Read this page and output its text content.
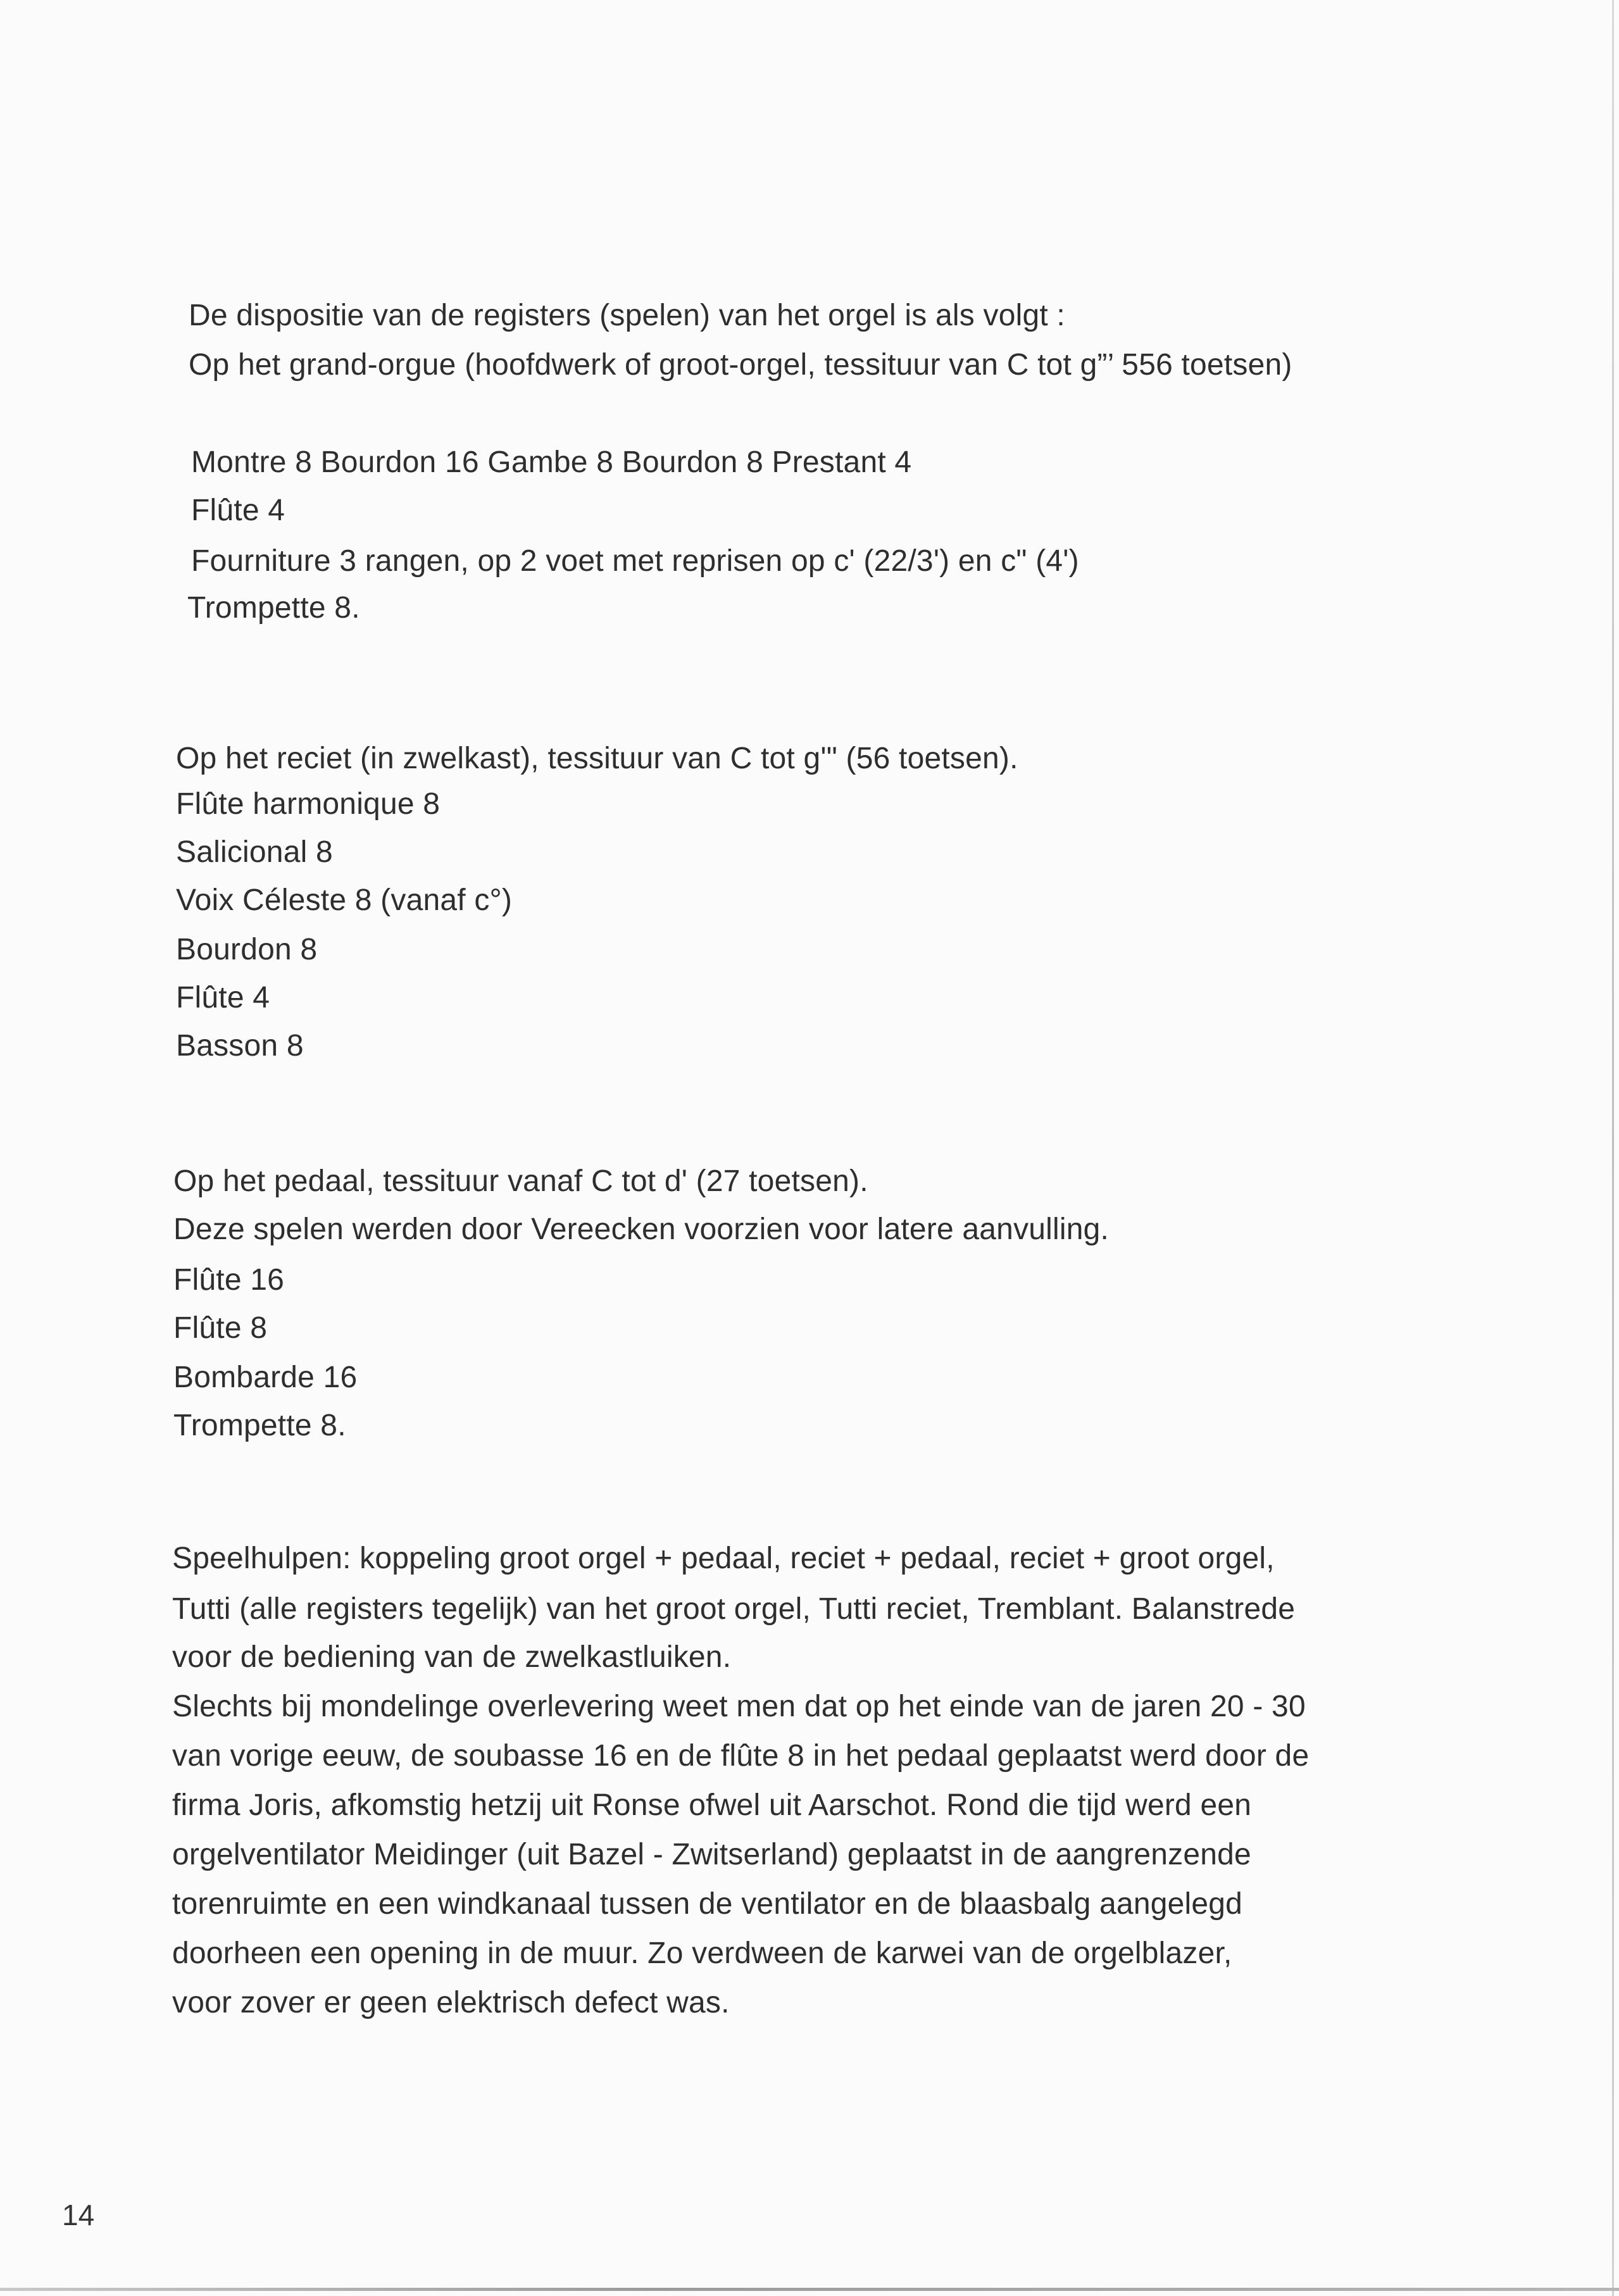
De dispositie van de registers (spelen) van het orgel is als volgt :
Op het grand-orgue (hoofdwerk of groot-orgel, tessituur van C tot g”’ 556 toetsen)
Montre 8 Bourdon 16 Gambe 8 Bourdon 8 Prestant 4
Flûte 4
Fourniture 3 rangen, op 2 voet met reprisen op c' (22/3') en c" (4')
Trompette 8.
Op het reciet (in zwelkast), tessituur van C tot g'" (56 toetsen).
Flûte harmonique 8
Salicional 8
Voix Céleste 8 (vanaf c°)
Bourdon 8
Flûte 4
Basson 8
Op het pedaal, tessituur vanaf C tot d' (27 toetsen).
Deze spelen werden door Vereecken voorzien voor latere aanvulling.
Flûte 16
Flûte 8
Bombarde 16
Trompette 8.
Speelhulpen: koppeling groot orgel + pedaal, reciet + pedaal, reciet + groot orgel,
Tutti (alle registers tegelijk) van het groot orgel, Tutti reciet, Tremblant. Balanstrede
voor de bediening van de zwelkastluiken.
Slechts bij mondelinge overlevering weet men dat op het einde van de jaren 20 - 30
van vorige eeuw, de soubasse 16 en de flûte 8 in het pedaal geplaatst werd door de
firma Joris, afkomstig hetzij uit Ronse ofwel uit Aarschot. Rond die tijd werd een
orgelventilator Meidinger (uit Bazel - Zwitserland) geplaatst in de aangrenzende
torenruimte en een windkanaal tussen de ventilator en de blaasbalg aangelegd
doorheen een opening in de muur. Zo verdween de karwei van de orgelblazer,
voor zover er geen elektrisch defect was.
14
